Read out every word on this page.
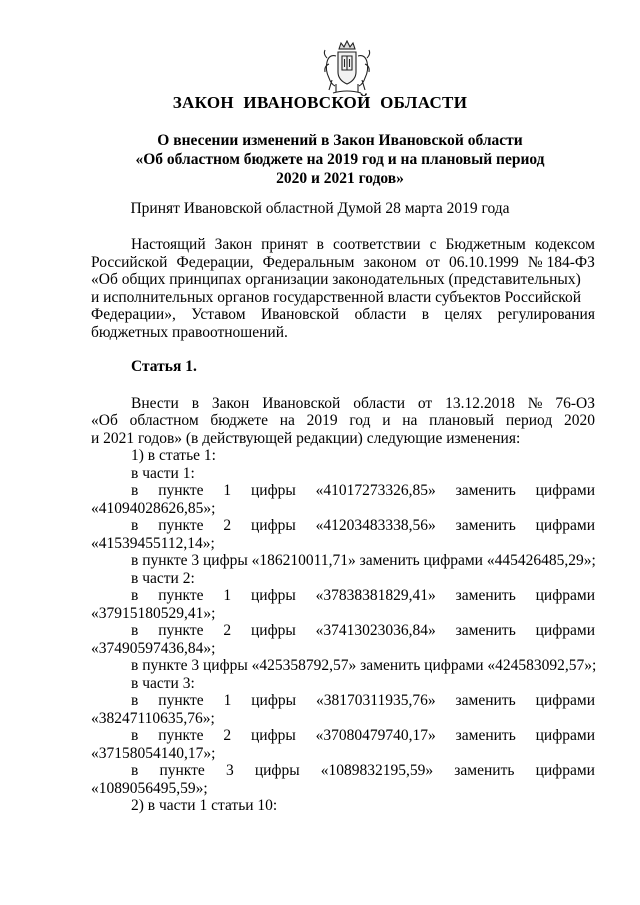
ЗАКОН ИВАНОВСКОЙ ОБЛАСТИ
О внесении изменений в Закон Ивановской области
«Об областном бюджете на 2019 год и на плановый период
2020 и 2021 годов»
Принят Ивановской областной Думой 28 марта 2019 года
Настоящий Закон принят в соответствии с Бюджетным кодексом
Российской Федерации, Федеральным законом от 06.10.1999 № 184-ФЗ
«Об общих принципах организации законодательных (представительных)
и исполнительных органов государственной власти субъектов Российской
Федерации», Уставом Ивановской области в целях регулирования
бюджетных правоотношений.
Статья 1.
Внести в Закон Ивановской области от 13.12.2018 № 76-ОЗ
«Об областном бюджете на 2019 год и на плановый период 2020
и 2021 годов» (в действующей редакции) следующие изменения:
1) в статье 1:
в части 1:
в пункте 1 цифры «41017273326,85» заменить цифрами
«41094028626,85»;
в пункте 2 цифры «41203483338,56» заменить цифрами
«41539455112,14»;
в пункте 3 цифры «186210011,71» заменить цифрами «445426485,29»;
в части 2:
в пункте 1 цифры «37838381829,41» заменить цифрами
«37915180529,41»;
в пункте 2 цифры «37413023036,84» заменить цифрами
«37490597436,84»;
в пункте 3 цифры «425358792,57» заменить цифрами «424583092,57»;
в части 3:
в пункте 1 цифры «38170311935,76» заменить цифрами
«38247110635,76»;
в пункте 2 цифры «37080479740,17» заменить цифрами
«37158054140,17»;
в пункте 3 цифры «1089832195,59» заменить цифрами
«1089056495,59»;
2) в части 1 статьи 10:
